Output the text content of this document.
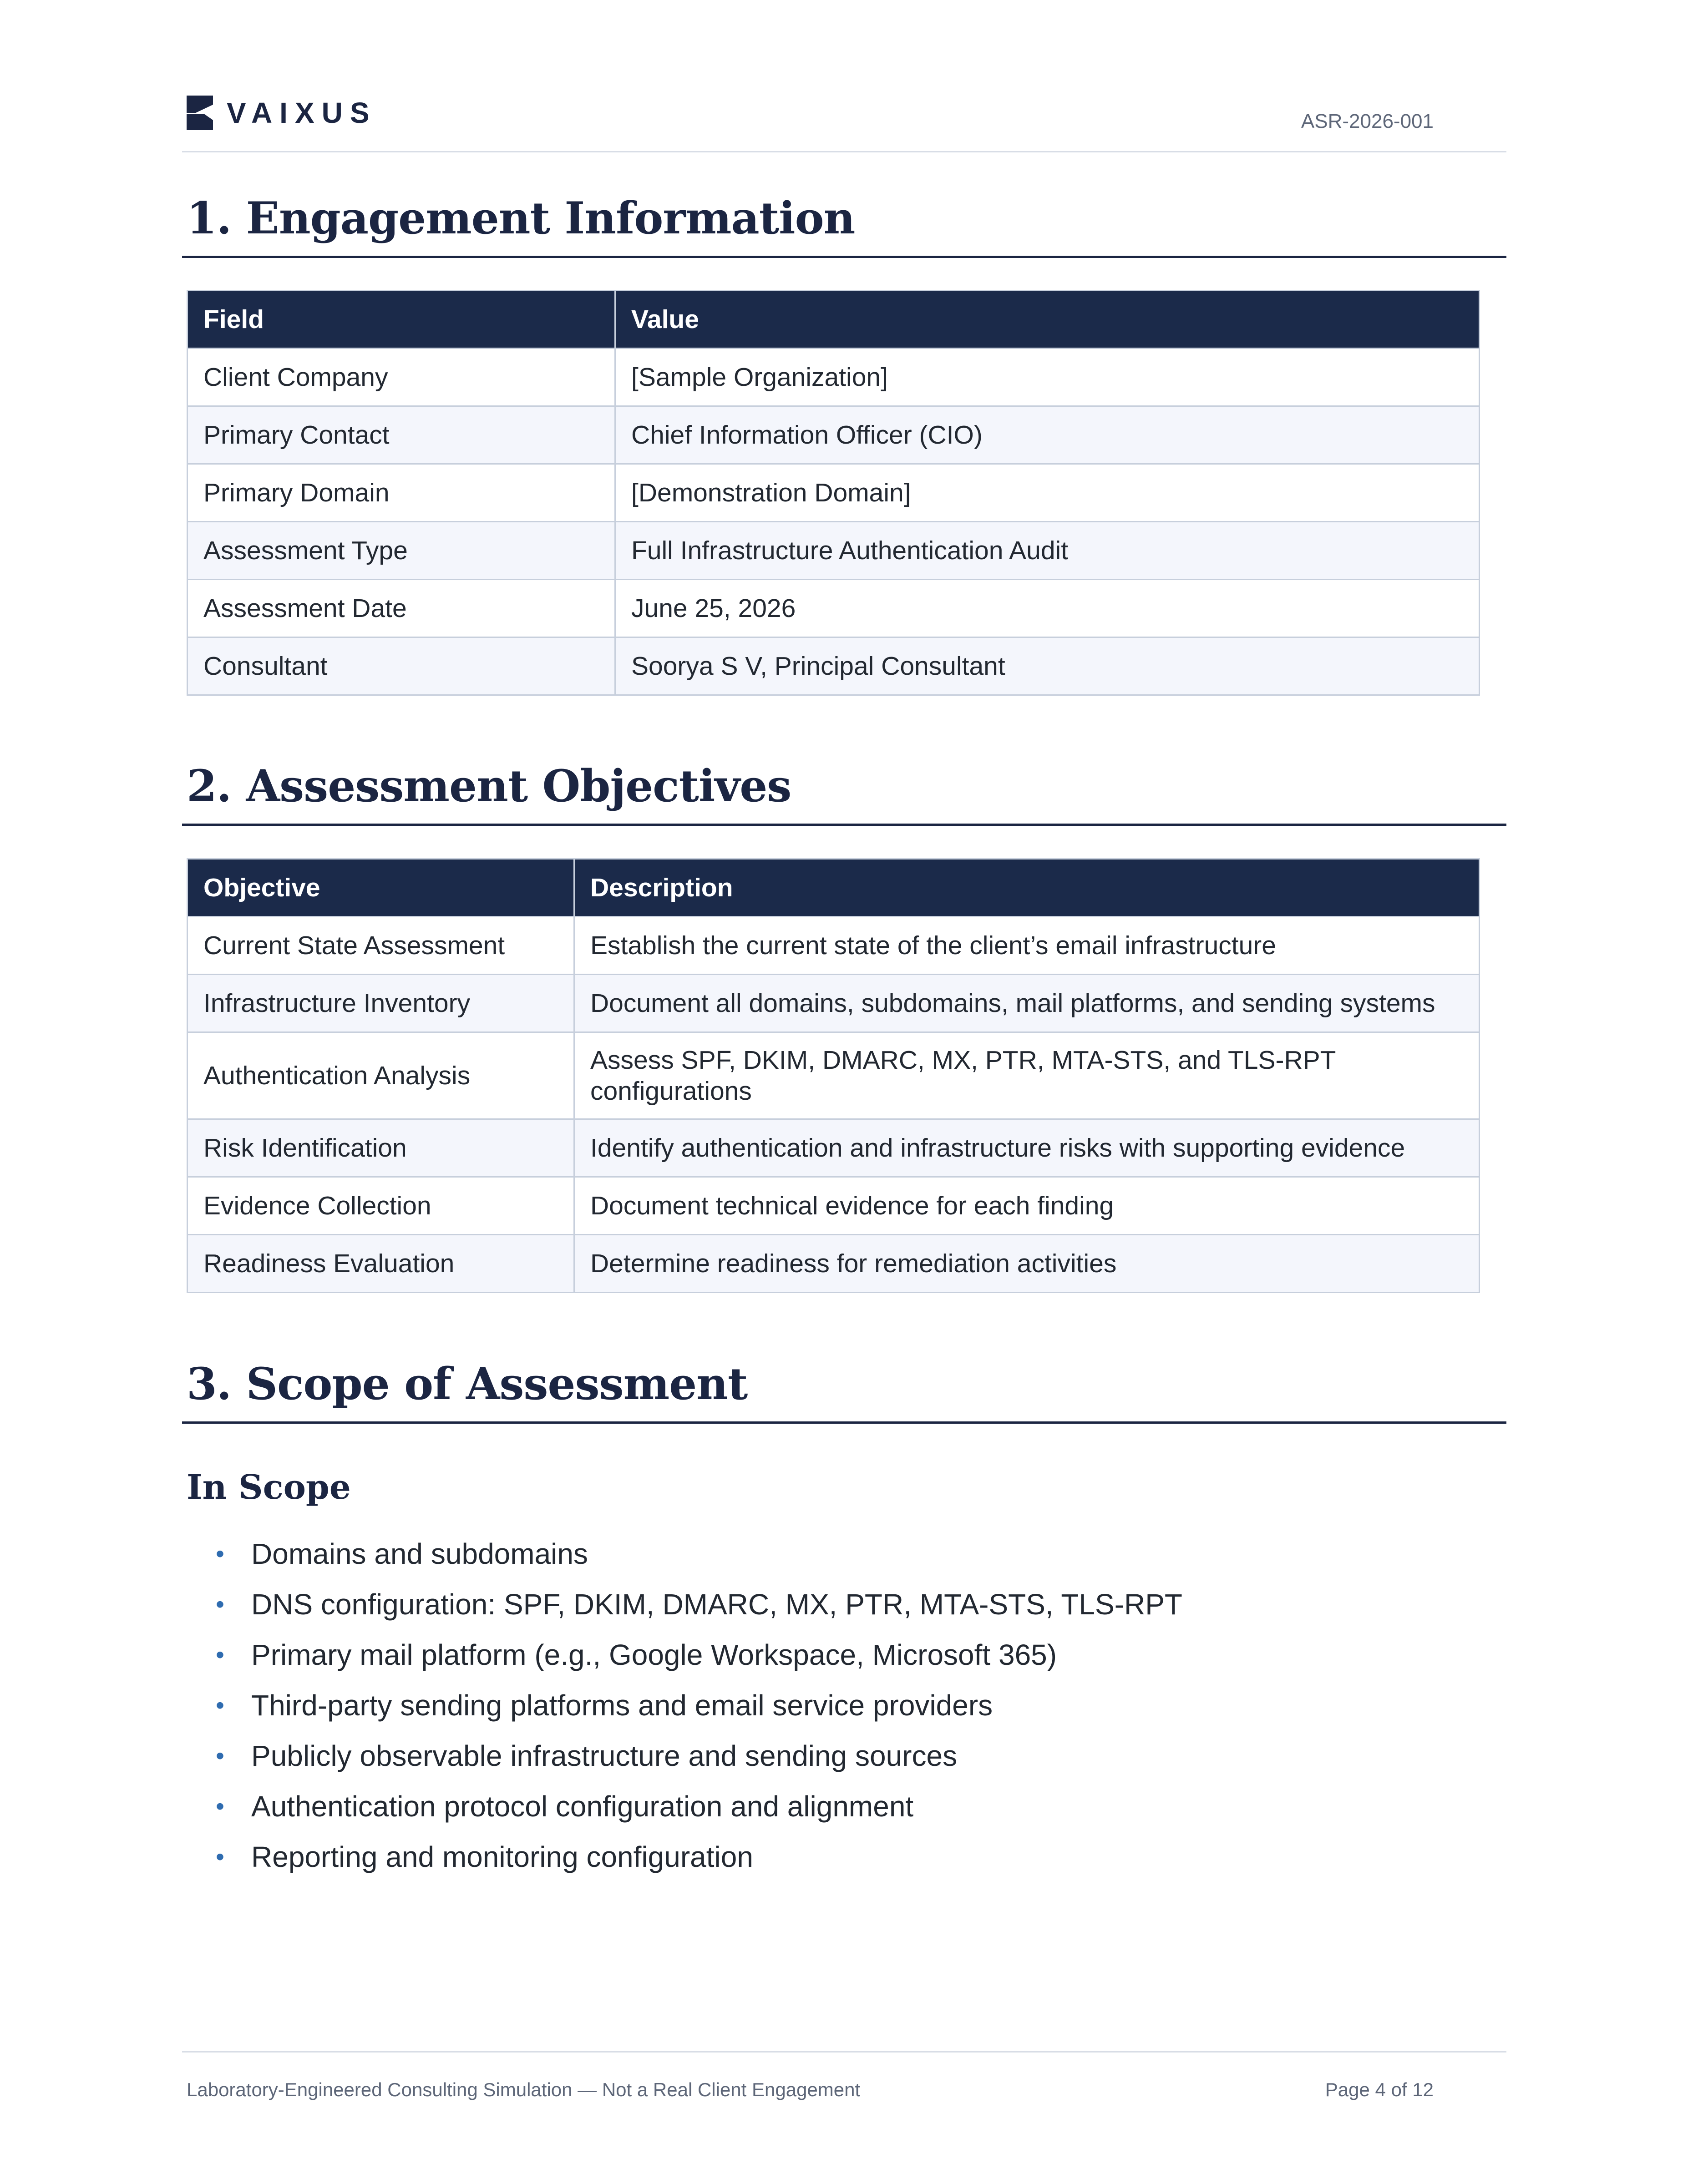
VAIXUS	ASR-2026-001
1. Engagement Information
Field	Value
Client Company	[Sample Organization]
Primary Contact	Chief Information Officer (CIO)
Primary Domain	[Demonstration Domain]
Assessment Type	Full Infrastructure Authentication Audit
Assessment Date	June 25, 2026
Consultant	Soorya S V, Principal Consultant
2. Assessment Objectives
Objective	Description
Current State Assessment	Establish the current state of the client’s email infrastructure
Infrastructure Inventory	Document all domains, subdomains, mail platforms, and sending systems
Authentication Analysis	Assess SPF, DKIM, DMARC, MX, PTR, MTA-STS, and TLS-RPT configurations
Risk Identification	Identify authentication and infrastructure risks with supporting evidence
Evidence Collection	Document technical evidence for each finding
Readiness Evaluation	Determine readiness for remediation activities
3. Scope of Assessment
In Scope
• Domains and subdomains
• DNS configuration: SPF, DKIM, DMARC, MX, PTR, MTA-STS, TLS-RPT
• Primary mail platform (e.g., Google Workspace, Microsoft 365)
• Third-party sending platforms and email service providers
• Publicly observable infrastructure and sending sources
• Authentication protocol configuration and alignment
• Reporting and monitoring configuration
Laboratory-Engineered Consulting Simulation — Not a Real Client Engagement	Page 4 of 12
